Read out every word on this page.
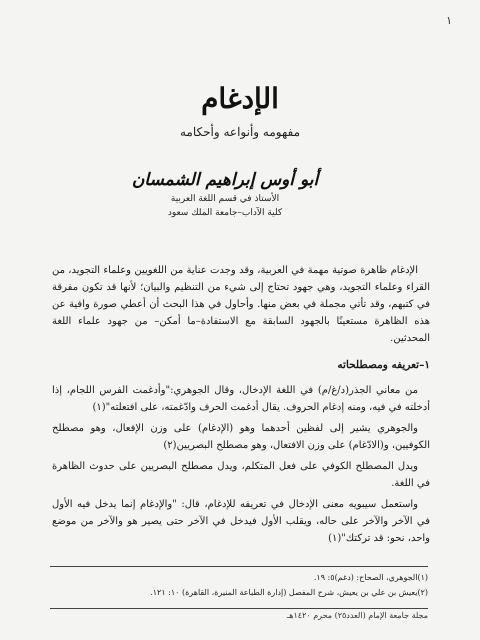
١
الإدغام
مفهومه وأنواعه وأحكامه
أبو أوس إبراهيم الشمسان
الأستاذ في قسم اللغة العربية
كلية الآداب–جامعة الملك سعود

الإدغام ظاهرة صوتية مهمة في العربية، وقد وجدت عناية من اللغويين وعلماء التجويد، من القراء وعلماء التجويد، وهي جهود تحتاج إلى شيء من التنظيم والبيان؛ لأنها قد تكون مفرقة في كتبهم، وقد تأتي مجملة في بعض منها. وأحاول في هذا البحث أن أعطي صورة وافية عن هذه الظاهرة مستعينًا بالجهود السابقة مع الاستفادة–ما أمكن– من جهود علماء اللغة المحدثين.

١–تعريفه ومصطلحاته

من معاني الجذر(د/غ/م) في اللغة الإدخال، وقال الجوهري:"وأدغمت الفرس اللجام، إذا أدخلته في فيه، ومنه إدغام الحروف. يقال أدغمت الحرف وادّغمته، على افتعلته"(١)

والجوهري يشير إلى لفظين أحدهما وهو (الإدغام) على وزن الإفعال، وهو مصطلح الكوفيين، و(الادّغام) على وزن الافتعال، وهو مصطلح البصريين(٢)

ويدل المصطلح الكوفي على فعل المتكلم، ويدل مصطلح البصريين على حدوث الظاهرة في اللغة.

واستعمل سيبويه معنى الإدخال في تعريفه للإدغام، قال: "والإدغام إنما يدخل فيه الأول في الآخر والآخر على حاله، ويقلب الأول فيدخل في الآخر حتى يصير هو والآخر من موضع واحد، نحو: قد تركتك"(١)

(١)الجوهري، الصحاح: (دغم)٥: ١٩.
(٢)يعيش بن علي بن يعيش، شرح المفصل (إدارة الطباعة المنيرة، القاهرة) ١٠: ١٢١.
مجلة جامعة الإمام (العدد٢٥) محرم ١٤٢٠هـ
